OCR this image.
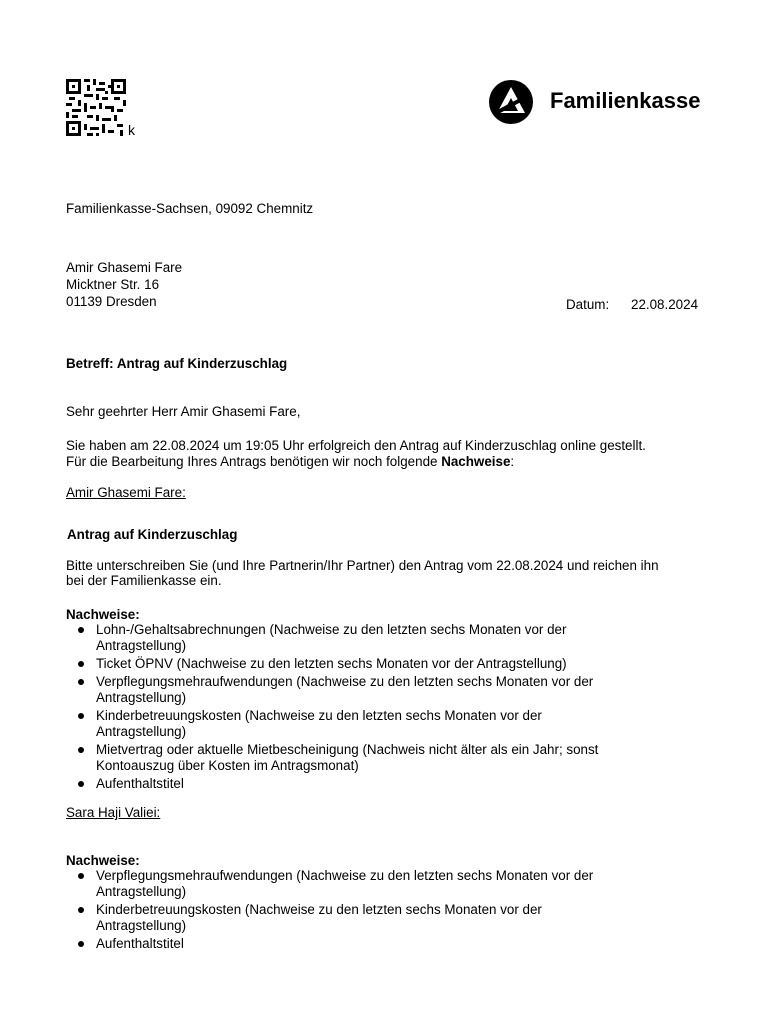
k
Familienkasse
Familienkasse-Sachsen, 09092 Chemnitz
Amir Ghasemi Fare
Micktner Str. 16
01139 Dresden	Datum: 22.08.2024
Betreff: Antrag auf Kinderzuschlag
Sehr geehrter Herr Amir Ghasemi Fare,
Sie haben am 22.08.2024 um 19:05 Uhr erfolgreich den Antrag auf Kinderzuschlag online gestellt.
Für die Bearbeitung Ihres Antrags benötigen wir noch folgende Nachweise:
Amir Ghasemi Fare:
Antrag auf Kinderzuschlag
Bitte unterschreiben Sie (und Ihre Partnerin/Ihr Partner) den Antrag vom 22.08.2024 und reichen ihn
bei der Familienkasse ein.
Nachweise:
Lohn-/Gehaltsabrechnungen (Nachweise zu den letzten sechs Monaten vor der
Antragstellung)
Ticket ÖPNV (Nachweise zu den letzten sechs Monaten vor der Antragstellung)
Verpflegungsmehraufwendungen (Nachweise zu den letzten sechs Monaten vor der
Antragstellung)
Kinderbetreuungskosten (Nachweise zu den letzten sechs Monaten vor der
Antragstellung)
Mietvertrag oder aktuelle Mietbescheinigung (Nachweis nicht älter als ein Jahr; sonst
Kontoauszug über Kosten im Antragsmonat)
Aufenthaltstitel
Sara Haji Valiei:
Nachweise:
Verpflegungsmehraufwendungen (Nachweise zu den letzten sechs Monaten vor der
Antragstellung)
Kinderbetreuungskosten (Nachweise zu den letzten sechs Monaten vor der
Antragstellung)
Aufenthaltstitel
